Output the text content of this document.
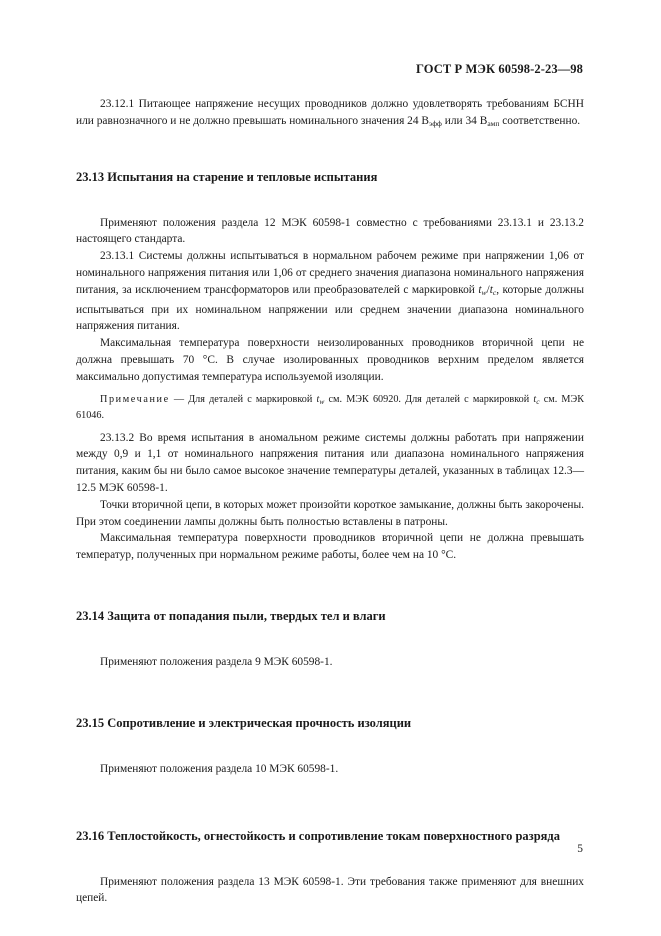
ГОСТ Р МЭК 60598-2-23—98

23.12.1 Питающее напряжение несущих проводников должно удовлетворять требованиям БСНН или равнозначного и не должно превышать номинального значения 24 $В_{эфф}$ или 34 $В_{амп}$ соответственно.

23.13 Испытания на старение и тепловые испытания

Применяют положения раздела 12 МЭК 60598-1 совместно с требованиями 23.13.1 и 23.13.2 настоящего стандарта.

23.13.1 Системы должны испытываться в нормальном рабочем режиме при напряжении 1,06 от номинального напряжения питания или 1,06 от среднего значения диапазона номинального напряжения питания, за исключением трансформаторов или преобразователей с маркировкой $t_w/t_c$, которые должны испытываться при их номинальном напряжении или среднем значении диапазона номинального напряжения питания.

Максимальная температура поверхности неизолированных проводников вторичной цепи не должна превышать 70 °С. В случае изолированных проводников верхним пределом является максимально допустимая температура используемой изоляции.

Примечание — Для деталей с маркировкой $t_w$ см. МЭК 60920. Для деталей с маркировкой $t_c$ см. МЭК 61046.

23.13.2 Во время испытания в аномальном режиме системы должны работать при напряжении между 0,9 и 1,1 от номинального напряжения питания или диапазона номинального напряжения питания, каким бы ни было самое высокое значение температуры деталей, указанных в таблицах 12.3—12.5 МЭК 60598-1.

Точки вторичной цепи, в которых может произойти короткое замыкание, должны быть закорочены. При этом соединении лампы должны быть полностью вставлены в патроны.

Максимальная температура поверхности проводников вторичной цепи не должна превышать температур, полученных при нормальном режиме работы, более чем на 10 °С.

23.14 Защита от попадания пыли, твердых тел и влаги

Применяют положения раздела 9 МЭК 60598-1.

23.15 Сопротивление и электрическая прочность изоляции

Применяют положения раздела 10 МЭК 60598-1.

23.16 Теплостойкость, огнестойкость и сопротивление токам поверхностного разряда

Применяют положения раздела 13 МЭК 60598-1. Эти требования также применяют для внешних цепей.

5
